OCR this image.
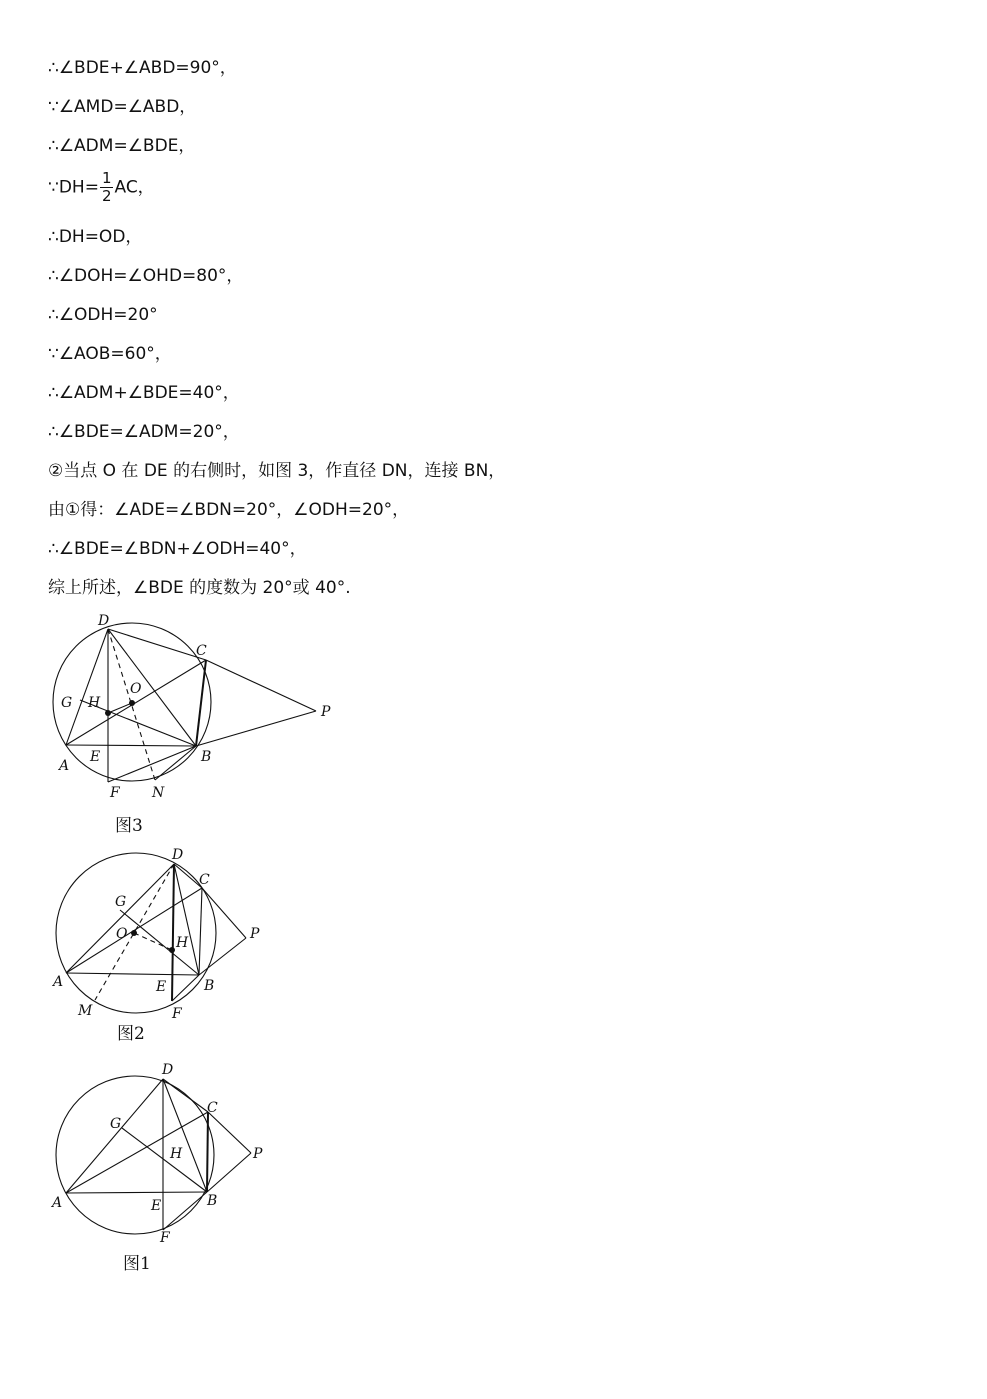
∴∠BDE+∠ABD=90°，
∵∠AMD=∠ABD，
∴∠ADM=∠BDE，
∵DH= $\frac{1}{2}$ AC，
∴DH=OD，
∴∠DOH=∠OHD=80°，
∴∠ODH=20°
∵∠AOB=60°，
∴∠ADM+∠BDE=40°，
∴∠BDE=∠ADM=20°，
②当点 O 在 DE 的右侧时，如图 3，作直径 DN，连接 BN，
由①得：∠ADE=∠BDN=20°，∠ODH=20°，
∴∠BDE=∠BDN+∠ODH=40°，
综上所述，∠BDE 的度数为 20°或 40°.
D
C
O
G H
P
A
E	B
F N
图3
D
C
G
O
H
P
A	E	B
M	F
图2
D
C
G
H	P
A	E	B
F
图1
